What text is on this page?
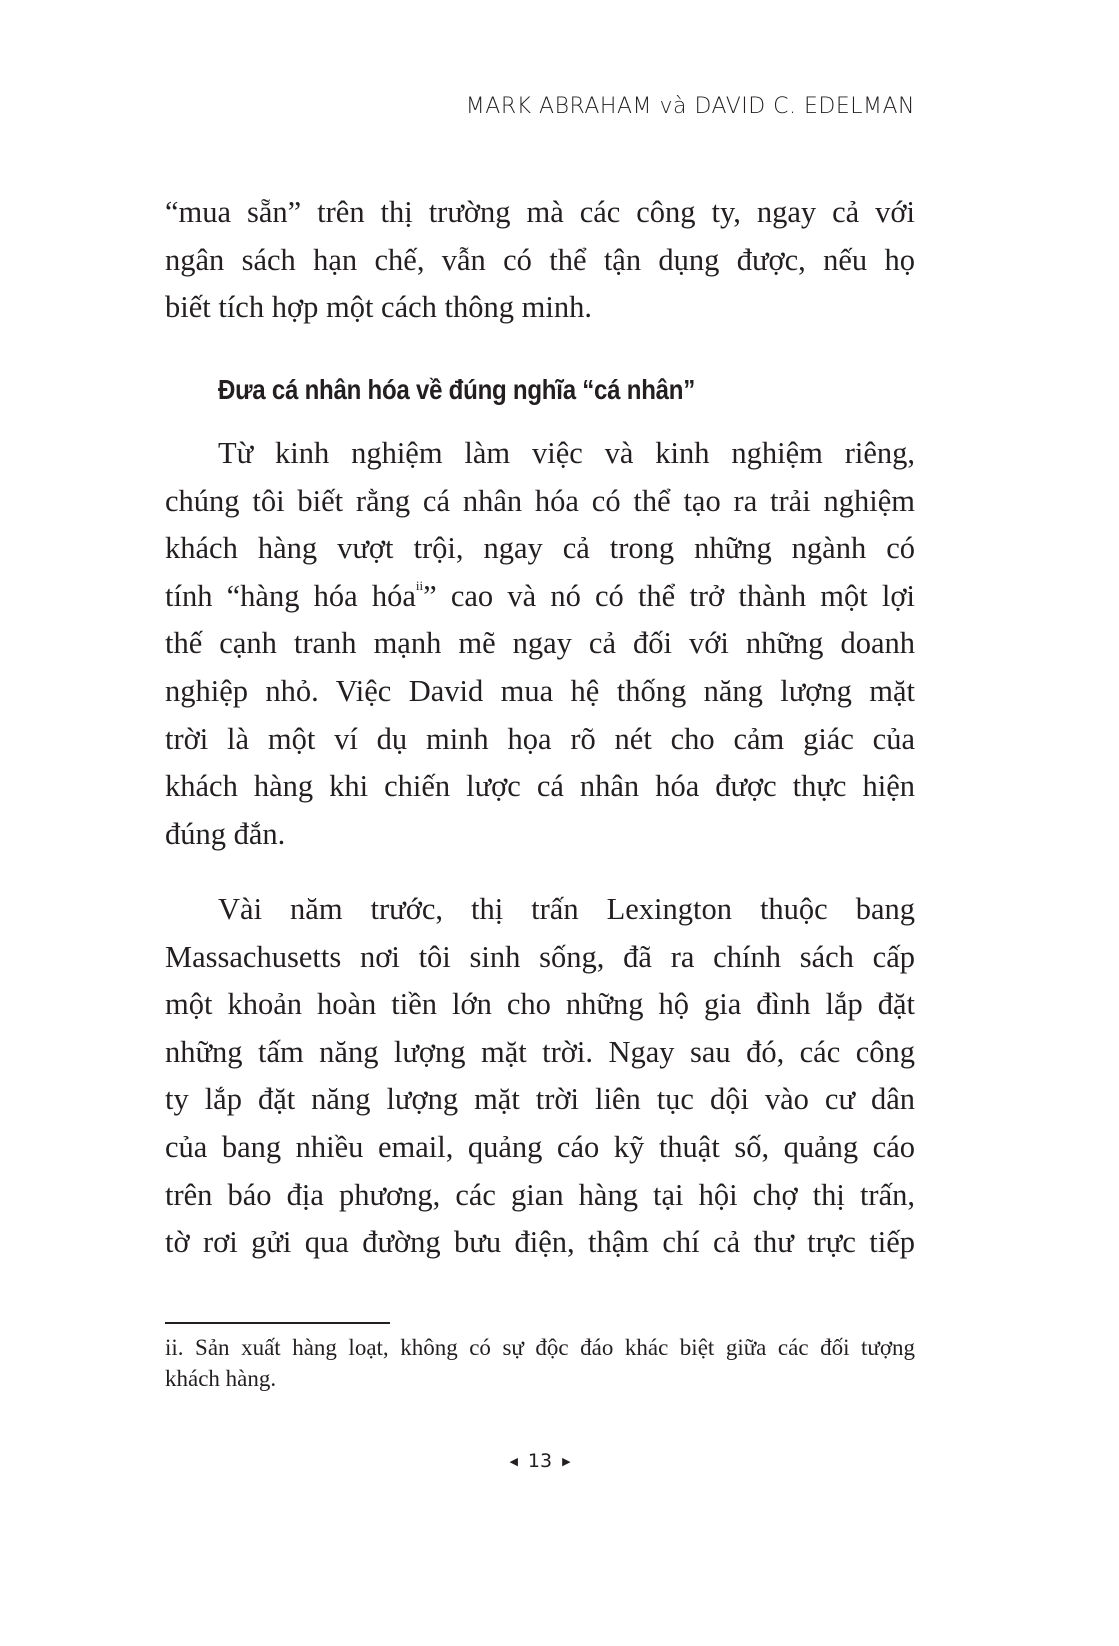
MARK ABRAHAM và DAVID C. EDELMAN
Đưa cá nhân hóa về đúng nghĩa “cá nhân”
“mua sẵn” trên thị trường mà các công ty, ngay cả với
ngân sách hạn chế, vẫn có thể tận dụng được, nếu họ
biết tích hợp một cách thông minh.
Từ kinh nghiệm làm việc và kinh nghiệm riêng,
chúng tôi biết rằng cá nhân hóa có thể tạo ra trải nghiệm
khách hàng vượt trội, ngay cả trong những ngành có
tính “hàng hóa hóa$^{ii}$” cao và nó có thể trở thành một lợi
thế cạnh tranh mạnh mẽ ngay cả đối với những doanh
nghiệp nhỏ. Việc David mua hệ thống năng lượng mặt
trời là một ví dụ minh họa rõ nét cho cảm giác của
khách hàng khi chiến lược cá nhân hóa được thực hiện
đúng đắn.
Vài năm trước, thị trấn Lexington thuộc bang
Massachusetts nơi tôi sinh sống, đã ra chính sách cấp
một khoản hoàn tiền lớn cho những hộ gia đình lắp đặt
những tấm năng lượng mặt trời. Ngay sau đó, các công
ty lắp đặt năng lượng mặt trời liên tục dội vào cư dân
của bang nhiều email, quảng cáo kỹ thuật số, quảng cáo
trên báo địa phương, các gian hàng tại hội chợ thị trấn,
tờ rơi gửi qua đường bưu điện, thậm chí cả thư trực tiếp
ii. Sản xuất hàng loạt, không có sự độc đáo khác biệt giữa các đối tượng
khách hàng.
◀ 13 ▶
